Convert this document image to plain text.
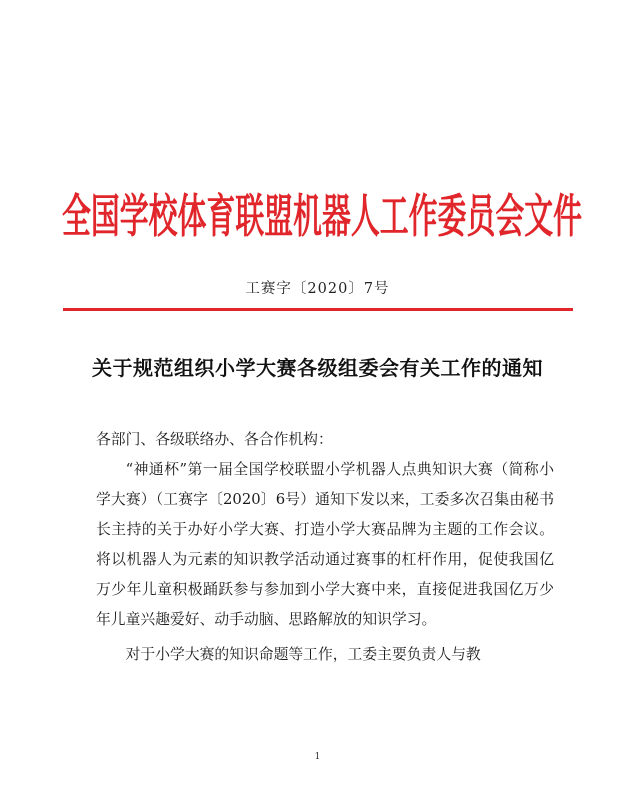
全国学校体育联盟机器人工作委员会文件
工赛字〔2020〕7号
关于规范组织小学大赛各级组委会有关工作的通知

各部门、各级联络办、各合作机构：

“神通杯”第一届全国学校联盟小学机器人点典知识大赛（简称小学大赛）（工赛字〔2020〕6号）通知下发以来，工委多次召集由秘书长主持的关于办好小学大赛、打造小学大赛品牌为主题的工作会议。将以机器人为元素的知识教学活动通过赛事的杠杆作用，促使我国亿万少年儿童积极踊跃参与参加到小学大赛中来，直接促进我国亿万少年儿童兴趣爱好、动手动脑、思路解放的知识学习。

对于小学大赛的知识命题等工作，工委主要负责人与教

1
